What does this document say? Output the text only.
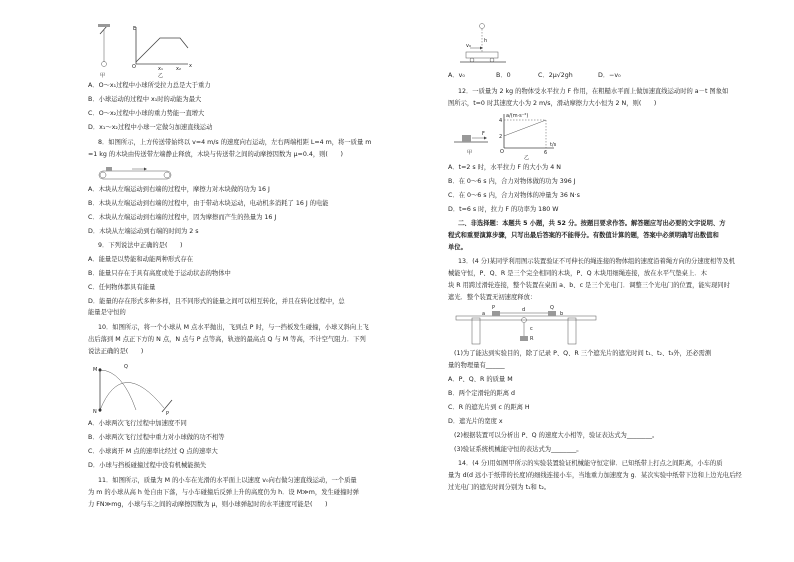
甲
E
x
O	x₁	x₂
乙
A．O～x₁过程中小球所受拉力总是大于重力
B．小球运动的过程中 x₁时的动能为最大
C．O～x₂过程中小球的重力势能一直增大
D．x₁～x₂过程中小球一定做匀加速直线运动
8．如图所示，上方传送带始终以 v=4 m/s 的速度向右运动，左右两端相距 L=4 m，将一质量 m
=1 kg 的木块由传送带左端静止释放，木块与传送带之间的动摩擦因数为 μ=0.4，则(　　)
A．木块从左端运动到右端的过程中，摩擦力对木块做的功为 16 J
B．木块从左端运动到右端的过程中，由于带动木块运动，电动机多消耗了 16 J 的电能
C．木块从左端运动到右端的过程中，因为摩擦而产生的热量为 16 J
D．木块从左端运动到右端的时间为 2 s
9．下列说法中正确的是(　　)
A．能量是以势能和动能两种形式存在
B．能量只存在于具有高度或处于运动状态的物体中
C．任何物体都具有能量
D．能量的存在形式多种多样，且不同形式的能量之间可以相互转化，并且在转化过程中，总
能量是守恒的
10．如图所示，将一个小球从 M 点水平抛出，飞到点 P 时，与一挡板发生碰撞，小球又斜向上飞
出后落到 M 点正下方的 N 点，N 点与 P 点等高，轨迹的最高点 Q 与 M 等高，不计空气阻力．下列
说法正确的是(　　)
M	Q
N	P
A．小球两次飞行过程中加速度不同
B．小球两次飞行过程中重力对小球做的功不相等
C．小球离开 M 点的速率比经过 Q 点的速率大
D．小球与挡板碰撞过程中没有机械能损失
11．如图所示，质量为 M 的小车在光滑的水平面上以速度 v₀向右做匀速直线运动，一个质量
为 m 的小球从高 h 处自由下落，与小车碰撞后反弹上升的高度仍为 h．设 M≫m，发生碰撞时弹
力 FN≫mg，小球与车之间的动摩擦因数为 μ，则小球弹起时的水平速度可能是(　　)
h
v₀
A．v₀	B．0	C．2μ√2gh	D．−v₀
12．一质量为 2 kg 的物体受水平拉力 F 作用，在粗糙水平面上做加速直线运动时的 a－t 图象如
图所示，t=0 时其速度大小为 2 m/s，滑动摩擦力大小恒为 2 N，则(　　)
F
甲
a/(m·s⁻²)
t/s
4
2
6
O
乙
A．t=2 s 时，水平拉力 F 的大小为 4 N
B．在 0～6 s 内，合力对物体做的功为 396 J
C．在 0～6 s 内，合力对物体的冲量为 36 N·s
D．t=6 s 时，拉力 F 的功率为 180 W
二、非选择题：本题共 5 小题，共 52 分。按题目要求作答。解答题应写出必要的文字说明、方
程式和重要演算步骤，只写出最后答案的不能得分。有数值计算的题，答案中必须明确写出数值和
单位。
13．(4 分)某同学利用图示装置验证不可伸长的绳连接的物体组的速度沿着绳方向的分速度相等及机
械能守恒，P、Q、R 是三个完全相同的木块，P、Q 木块用细绳连接，放在水平气垫桌上．木
块 R 用跨过滑轮连接，整个装置在桌面 a、b、c 是三个光电门．调整三个光电门的位置，能实现同时
遮光．整个装置无初速度释放：
P	Q
R
a	b
c
d
(1)为了能达到实验目的，除了记录 P、Q、R 三个遮光片的遮光时间 t₁、t₂、t₃外，还必需测
量的物理量有______
A．P、Q、R 的质量 M
B．两个定滑轮的距离 d
C．R 的遮光片到 c 的距离 H
D．遮光片的宽度 x
(2)根据装置可以分析出 P、Q 的速度大小相等，验证表达式为________。
(3)验证系统机械能守恒的表达式为________。
14．(4 分)用如图甲所示的实验装置验证机械能守恒定律．已知纸带上打点之间距离，小车的质
量为 d(d 远小于纸带的长度)的细线连接小车，当地重力加速度为 g．某次实验中纸带下边和上边光电后经
过光电门的遮光时间分别为 t₁和 t₂。
